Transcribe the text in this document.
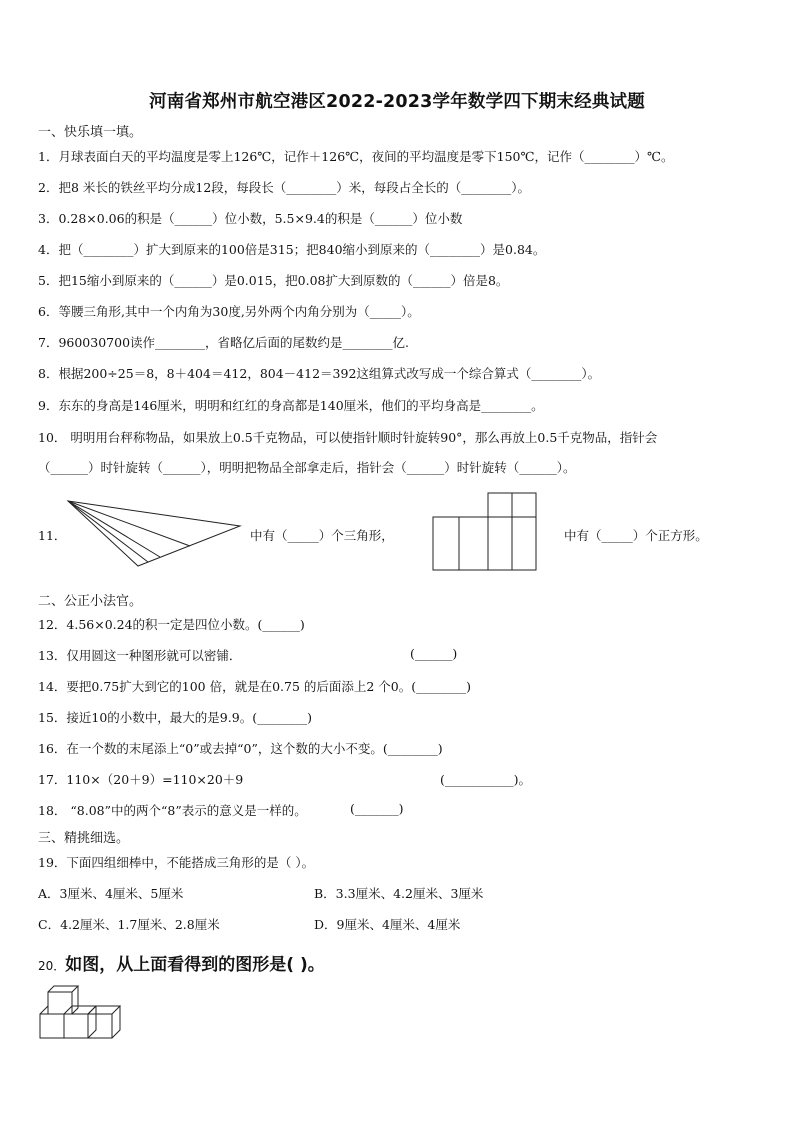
河南省郑州市航空港区2022-2023学年数学四下期末经典试题
一、快乐填一填。
1．月球表面白天的平均温度是零上126℃，记作＋126℃，夜间的平均温度是零下150℃，记作（________）℃。
2．把8 米长的铁丝平均分成12段，每段长（________）米，每段占全长的（________）。
3．0.28×0.06的积是（______）位小数，5.5×9.4的积是（______）位小数
4．把（________）扩大到原来的100倍是315；把840缩小到原来的（________）是0.84。
5．把15缩小到原来的（______）是0.015，把0.08扩大到原数的（______）倍是8。
6．等腰三角形,其中一个内角为30度,另外两个内角分别为（_____）。
7．960030700读作________，省略亿后面的尾数约是________亿.
8．根据200÷25＝8，8＋404＝412，804－412＝392这组算式改写成一个综合算式（________）。
9．东东的身高是146厘米，明明和红红的身高都是140厘米，他们的平均身高是________。
10． 明明用台秤称物品，如果放上0.5千克物品，可以使指针顺时针旋转90°，那么再放上0.5千克物品，指针会
（______）时针旋转（______），明明把物品全部拿走后，指针会（______）时针旋转（______）。
11．	中有（_____）个三角形，	中有（_____）个正方形。
二、公正小法官。
12．4.56×0.24的积一定是四位小数。(______)
13．仅用圆这一种图形就可以密铺．	(______)
14．要把0.75扩大到它的100 倍，就是在0.75 的后面添上2 个0。(________)
15．接近10的小数中，最大的是9.9。(________)
16．在一个数的末尾添上“0”或去掉“0”，这个数的大小不变。(________)
17．110×（20＋9）=110×20＋9	(___________)。
18． “8.08”中的两个“8”表示的意义是一样的。	(_______)
三、精挑细选。
19．下面四组细棒中，不能搭成三角形的是（ ）。
A．3厘米、4厘米、5厘米	B．3.3厘米、4.2厘米、3厘米
C．4.2厘米、1.7厘米、2.8厘米	D．9厘米、4厘米、4厘米
20．如图，从上面看得到的图形是( )。
